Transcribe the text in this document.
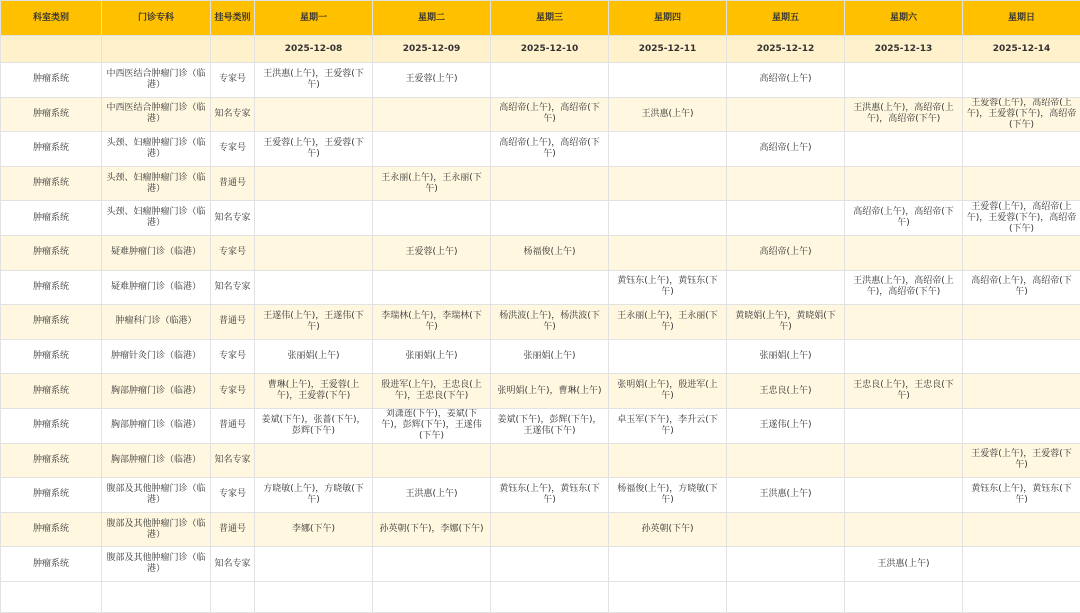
科室类别	门诊专科	挂号类别	星期一	星期二	星期三	星期四	星期五	星期六	星期日
			2025-12-08	2025-12-09	2025-12-10	2025-12-11	2025-12-12	2025-12-13	2025-12-14
肿瘤系统	中西医结合肿瘤门诊（临港）	专家号	王洪惠(上午)，王爱蓉(下午)	王爱蓉(上午)			高绍帝(上午)		
肿瘤系统	中西医结合肿瘤门诊（临港）	知名专家			高绍帝(上午)，高绍帝(下午)	王洪惠(上午)		王洪惠(上午)，高绍帝(上午)，高绍帝(下午)	王爱蓉(上午)，高绍帝(上午)，王爱蓉(下午)，高绍帝(下午)
肿瘤系统	头颈、妇瘤肿瘤门诊（临港）	专家号	王爱蓉(上午)，王爱蓉(下午)		高绍帝(上午)，高绍帝(下午)		高绍帝(上午)		
肿瘤系统	头颈、妇瘤肿瘤门诊（临港）	普通号		王永丽(上午)，王永丽(下午)					
肿瘤系统	头颈、妇瘤肿瘤门诊（临港）	知名专家						高绍帝(上午)，高绍帝(下午)	王爱蓉(上午)，高绍帝(上午)，王爱蓉(下午)，高绍帝(下午)
肿瘤系统	疑难肿瘤门诊（临港）	专家号		王爱蓉(上午)	杨福俊(上午)		高绍帝(上午)		
肿瘤系统	疑难肿瘤门诊（临港）	知名专家				黄钰东(上午)，黄钰东(下午)		王洪惠(上午)，高绍帝(上午)，高绍帝(下午)	高绍帝(上午)，高绍帝(下午)
肿瘤系统	肿瘤科门诊（临港）	普通号	王遂伟(上午)，王遂伟(下午)	李瑞林(上午)，李瑞林(下午)	杨洪波(上午)，杨洪波(下午)	王永丽(上午)，王永丽(下午)	黄晓娟(上午)，黄晓娟(下午)		
肿瘤系统	肿瘤针灸门诊（临港）	专家号	张丽娟(上午)	张丽娟(上午)	张丽娟(上午)		张丽娟(上午)		
肿瘤系统	胸部肿瘤门诊（临港）	专家号	曹琳(上午)，王爱蓉(上午)，王爱蓉(下午)	殷进军(上午)，王忠良(上午)，王忠良(下午)	张明娟(上午)，曹琳(上午)	张明娟(上午)，殷进军(上午)	王忠良(上午)	王忠良(上午)，王忠良(下午)	
肿瘤系统	胸部肿瘤门诊（临港）	普通号	姜斌(下午)，张蔷(下午)，彭辉(下午)	刘潇莲(下午)，姜斌(下午)，彭辉(下午)，王遂伟(下午)	姜斌(下午)，彭辉(下午)，王遂伟(下午)	卓玉军(下午)，李升云(下午)	王遂伟(上午)		
肿瘤系统	胸部肿瘤门诊（临港）	知名专家							王爱蓉(上午)，王爱蓉(下午)
肿瘤系统	腹部及其他肿瘤门诊（临港）	专家号	方晓敏(上午)，方晓敏(下午)	王洪惠(上午)	黄钰东(上午)，黄钰东(下午)	杨福俊(上午)，方晓敏(下午)	王洪惠(上午)		黄钰东(上午)，黄钰东(下午)
肿瘤系统	腹部及其他肿瘤门诊（临港）	普通号	李娜(下午)	孙英朝(下午)，李娜(下午)		孙英朝(下午)			
肿瘤系统	腹部及其他肿瘤门诊（临港）	知名专家						王洪惠(上午)	
